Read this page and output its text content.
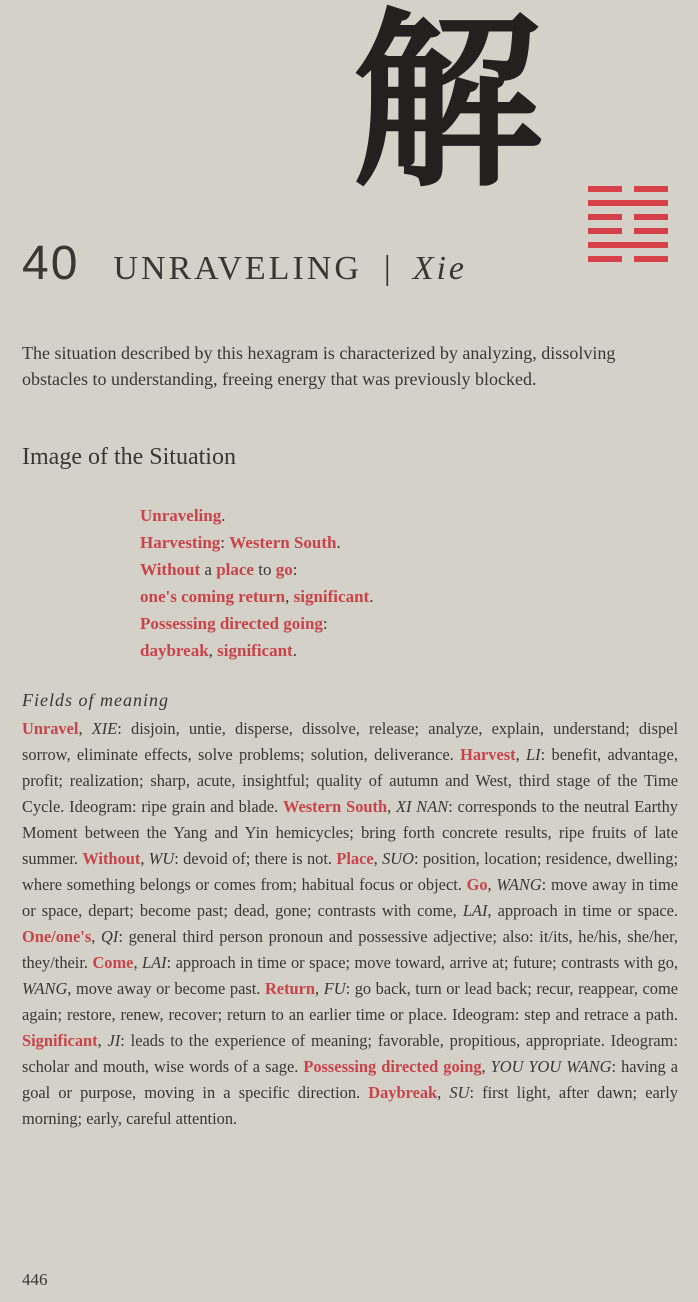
解
40 UNRAVELING | Xie
The situation described by this hexagram is characterized by analyzing, dissolving obstacles to understanding, freeing energy that was previously blocked.
Image of the Situation
Unraveling.
Harvesting: Western South.
Without a place to go:
one's coming return, significant.
Possessing directed going:
daybreak, significant.
Fields of meaning
Unravel, XIE: disjoin, untie, disperse, dissolve, release; analyze, explain, understand; dispel sorrow, eliminate effects, solve problems; solution, deliverance. Harvest, LI: benefit, advantage, profit; realization; sharp, acute, insightful; quality of autumn and West, third stage of the Time Cycle. Ideogram: ripe grain and blade. Western South, XI NAN: corresponds to the neutral Earthy Moment between the Yang and Yin hemicycles; bring forth concrete results, ripe fruits of late summer. Without, WU: devoid of; there is not. Place, SUO: position, location; residence, dwelling; where something belongs or comes from; habitual focus or object. Go, WANG: move away in time or space, depart; become past; dead, gone; contrasts with come, LAI, approach in time or space. One/one's, QI: general third person pronoun and possessive adjective; also: it/its, he/his, she/her, they/their. Come, LAI: approach in time or space; move toward, arrive at; future; contrasts with go, WANG, move away or become past. Return, FU: go back, turn or lead back; recur, reappear, come again; restore, renew, recover; return to an earlier time or place. Ideogram: step and retrace a path. Significant, JI: leads to the experience of meaning; favorable, propitious, appropriate. Ideogram: scholar and mouth, wise words of a sage. Possessing directed going, YOU YOU WANG: having a goal or purpose, moving in a specific direction. Daybreak, SU: first light, after dawn; early morning; early, careful attention.
446
